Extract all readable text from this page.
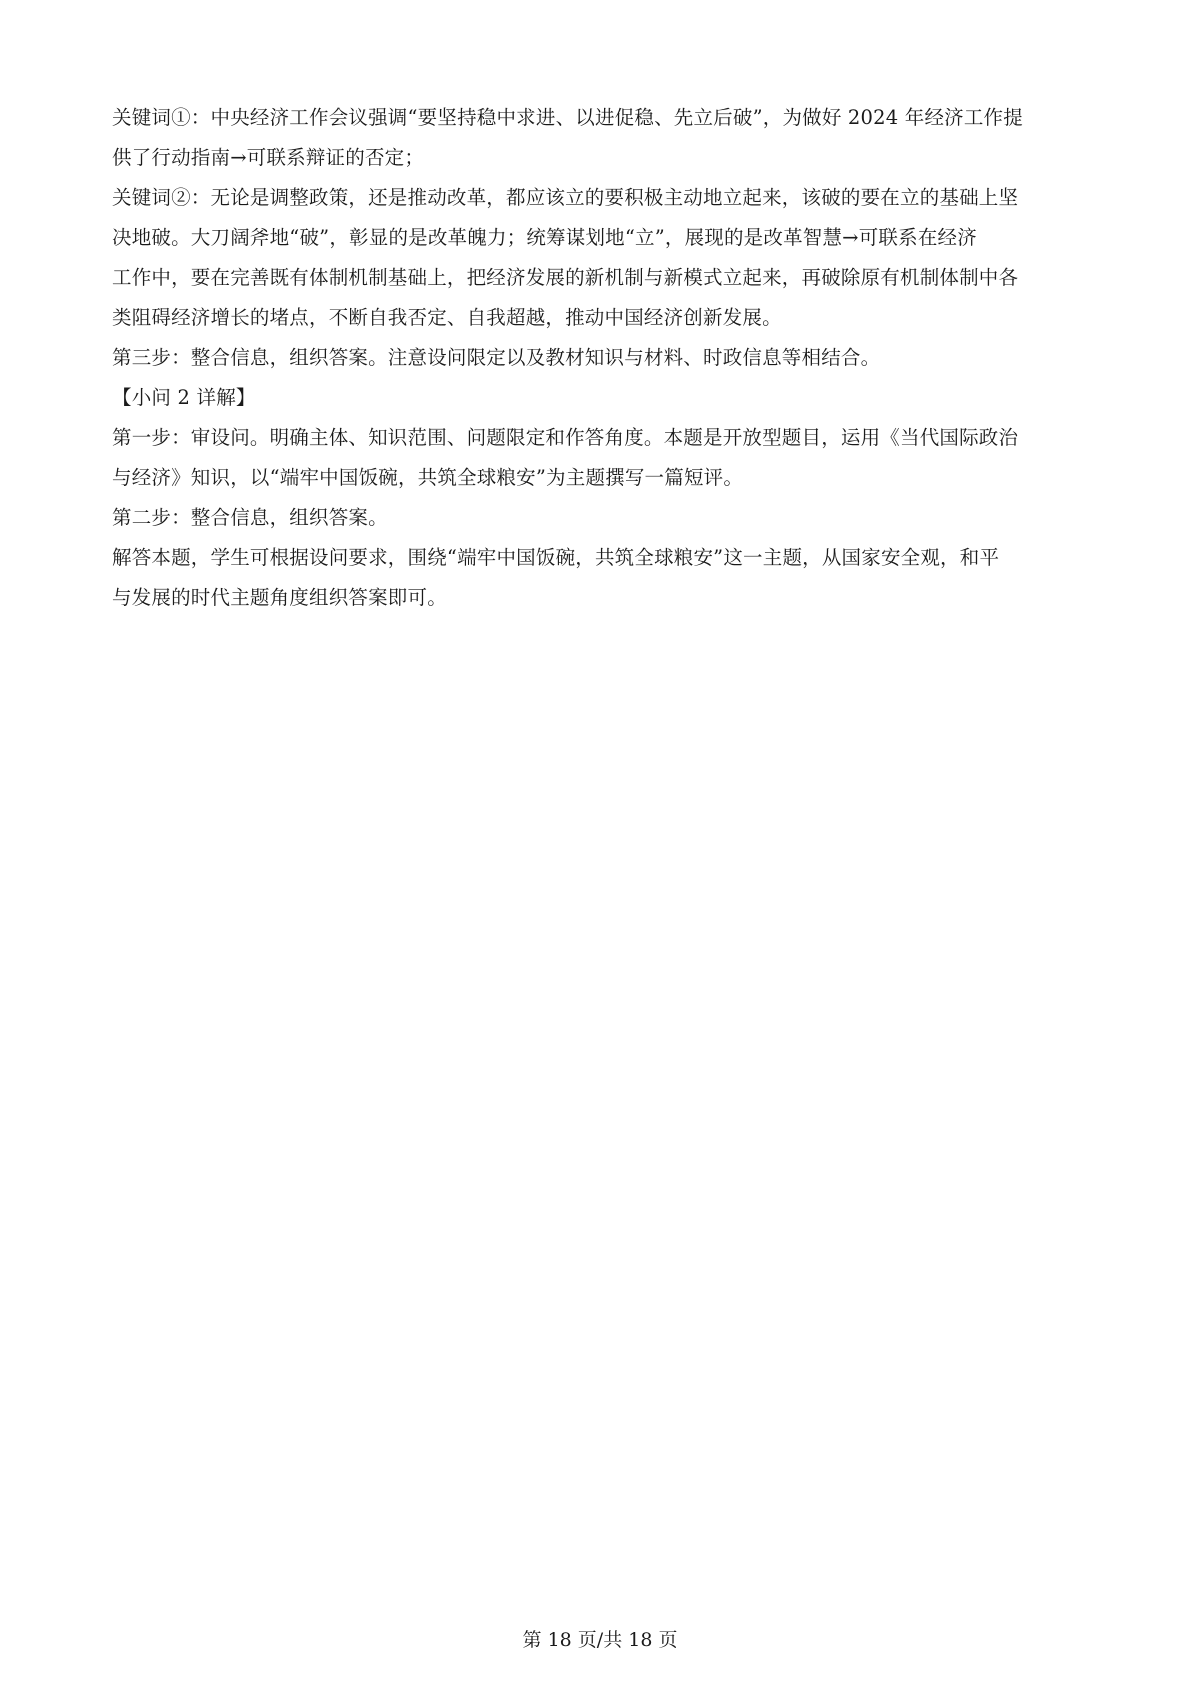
关键词①：中央经济工作会议强调“要坚持稳中求进、以进促稳、先立后破”，为做好 2024 年经济工作提
供了行动指南→可联系辩证的否定；
关键词②：无论是调整政策，还是推动改革，都应该立的要积极主动地立起来，该破的要在立的基础上坚
决地破。大刀阔斧地“破”，彰显的是改革魄力；统筹谋划地“立”，展现的是改革智慧→可联系在经济
工作中，要在完善既有体制机制基础上，把经济发展的新机制与新模式立起来，再破除原有机制体制中各
类阻碍经济增长的堵点，不断自我否定、自我超越，推动中国经济创新发展。
第三步：整合信息，组织答案。注意设问限定以及教材知识与材料、时政信息等相结合。
【小问 2 详解】
第一步：审设问。明确主体、知识范围、问题限定和作答角度。本题是开放型题目，运用《当代国际政治
与经济》知识，以“端牢中国饭碗，共筑全球粮安”为主题撰写一篇短评。
第二步：整合信息，组织答案。
解答本题，学生可根据设问要求，围绕“端牢中国饭碗，共筑全球粮安”这一主题，从国家安全观，和平
与发展的时代主题角度组织答案即可。
第 18 页/共 18 页
